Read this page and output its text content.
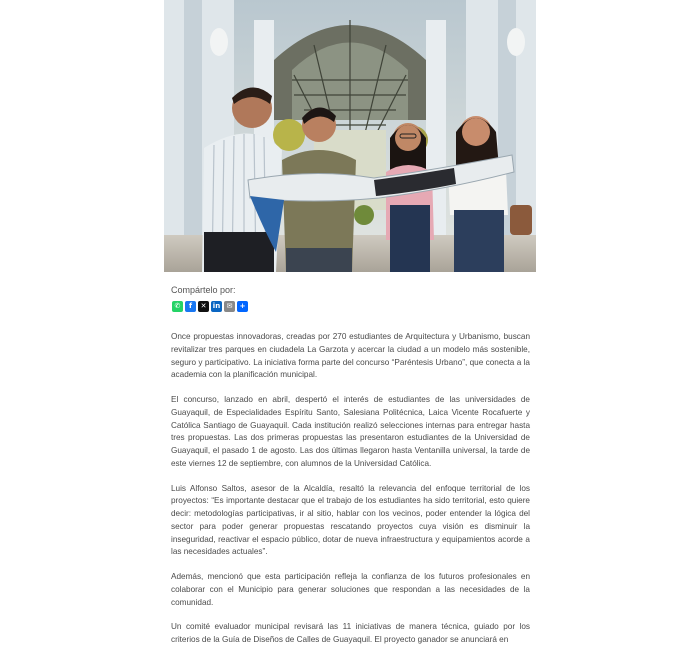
Compártelo por:
✆ f ✕ in ✉ +

Once propuestas innovadoras, creadas por 270 estudiantes de Arquitectura y Urbanismo, buscan revitalizar tres parques en ciudadela La Garzota y acercar la ciudad a un modelo más sostenible, seguro y participativo. La iniciativa forma parte del concurso “Paréntesis Urbano”, que conecta a la academia con la planificación municipal.

El concurso, lanzado en abril, despertó el interés de estudiantes de las universidades de Guayaquil, de Especialidades Espíritu Santo, Salesiana Politécnica, Laica Vicente Rocafuerte y Católica Santiago de Guayaquil. Cada institución realizó selecciones internas para entregar hasta tres propuestas. Las dos primeras propuestas las presentaron estudiantes de la Universidad de Guayaquil, el pasado 1 de agosto. Las dos últimas llegaron hasta Ventanilla universal, la tarde de este viernes 12 de septiembre, con alumnos de la Universidad Católica.

Luis Alfonso Saltos, asesor de la Alcaldía, resaltó la relevancia del enfoque territorial de los proyectos: “Es importante destacar que el trabajo de los estudiantes ha sido territorial, esto quiere decir: metodologías participativas, ir al sitio, hablar con los vecinos, poder entender la lógica del sector para poder generar propuestas rescatando proyectos cuya visión es disminuir la inseguridad, reactivar el espacio público, dotar de nueva infraestructura y equipamientos acorde a las necesidades actuales”.

Además, mencionó que esta participación refleja la confianza de los futuros profesionales en colaborar con el Municipio para generar soluciones que respondan a las necesidades de la comunidad.

Un comité evaluador municipal revisará las 11 iniciativas de manera técnica, guiado por los criterios de la Guía de Diseños de Calles de Guayaquil. El proyecto ganador se anunciará en
